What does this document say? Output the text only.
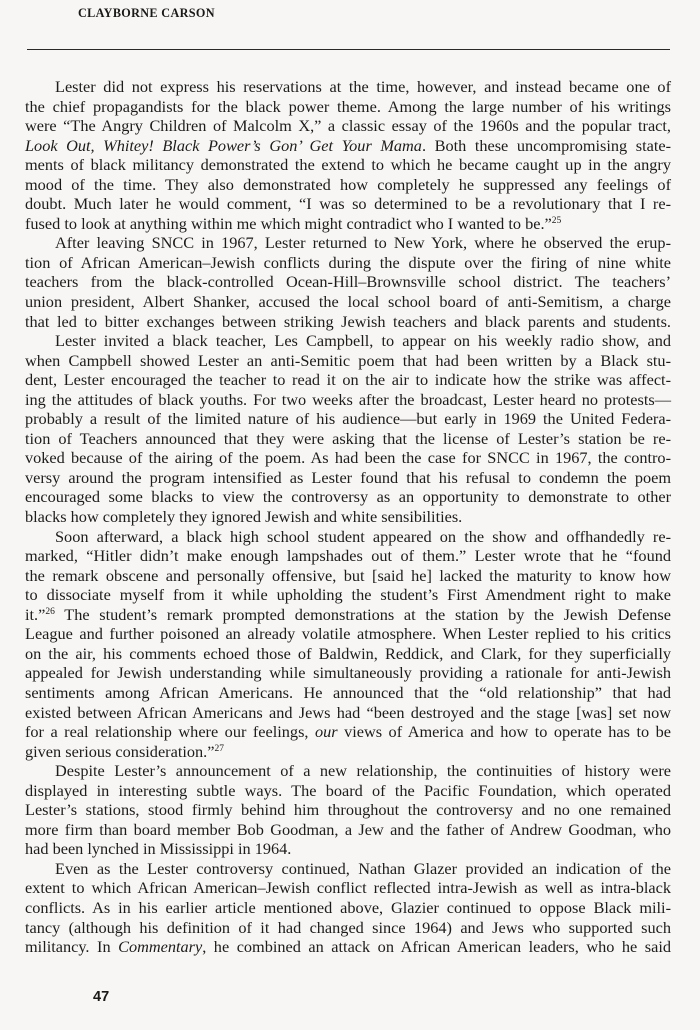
CLAYBORNE CARSON
Lester did not express his reservations at the time, however, and instead became one of
the chief propagandists for the black power theme. Among the large number of his writings
were “The Angry Children of Malcolm X,” a classic essay of the 1960s and the popular tract,
Look Out, Whitey! Black Power’s Gon’ Get Your Mama. Both these uncompromising state-
ments of black militancy demonstrated the extend to which he became caught up in the angry
mood of the time. They also demonstrated how completely he suppressed any feelings of
doubt. Much later he would comment, “I was so determined to be a revolutionary that I re-
fused to look at anything within me which might contradict who I wanted to be.”$^{25}$
After leaving SNCC in 1967, Lester returned to New York, where he observed the erup-
tion of African American–Jewish conflicts during the dispute over the firing of nine white
teachers from the black-controlled Ocean-Hill–Brownsville school district. The teachers’
union president, Albert Shanker, accused the local school board of anti-Semitism, a charge
that led to bitter exchanges between striking Jewish teachers and black parents and students.
Lester invited a black teacher, Les Campbell, to appear on his weekly radio show, and
when Campbell showed Lester an anti-Semitic poem that had been written by a Black stu-
dent, Lester encouraged the teacher to read it on the air to indicate how the strike was affect-
ing the attitudes of black youths. For two weeks after the broadcast, Lester heard no protests—
probably a result of the limited nature of his audience—but early in 1969 the United Federa-
tion of Teachers announced that they were asking that the license of Lester’s station be re-
voked because of the airing of the poem. As had been the case for SNCC in 1967, the contro-
versy around the program intensified as Lester found that his refusal to condemn the poem
encouraged some blacks to view the controversy as an opportunity to demonstrate to other
blacks how completely they ignored Jewish and white sensibilities.
Soon afterward, a black high school student appeared on the show and offhandedly re-
marked, “Hitler didn’t make enough lampshades out of them.” Lester wrote that he “found
the remark obscene and personally offensive, but [said he] lacked the maturity to know how
to dissociate myself from it while upholding the student’s First Amendment right to make
it.”$^{26}$ The student’s remark prompted demonstrations at the station by the Jewish Defense
League and further poisoned an already volatile atmosphere. When Lester replied to his critics
on the air, his comments echoed those of Baldwin, Reddick, and Clark, for they superficially
appealed for Jewish understanding while simultaneously providing a rationale for anti-Jewish
sentiments among African Americans. He announced that the “old relationship” that had
existed between African Americans and Jews had “been destroyed and the stage [was] set now
for a real relationship where our feelings, our views of America and how to operate has to be
given serious consideration.”$^{27}$
Despite Lester’s announcement of a new relationship, the continuities of history were
displayed in interesting subtle ways. The board of the Pacific Foundation, which operated
Lester’s stations, stood firmly behind him throughout the controversy and no one remained
more firm than board member Bob Goodman, a Jew and the father of Andrew Goodman, who
had been lynched in Mississippi in 1964.
Even as the Lester controversy continued, Nathan Glazer provided an indication of the
extent to which African American–Jewish conflict reflected intra-Jewish as well as intra-black
conflicts. As in his earlier article mentioned above, Glazier continued to oppose Black mili-
tancy (although his definition of it had changed since 1964) and Jews who supported such
militancy. In Commentary, he combined an attack on African American leaders, who he said
47
